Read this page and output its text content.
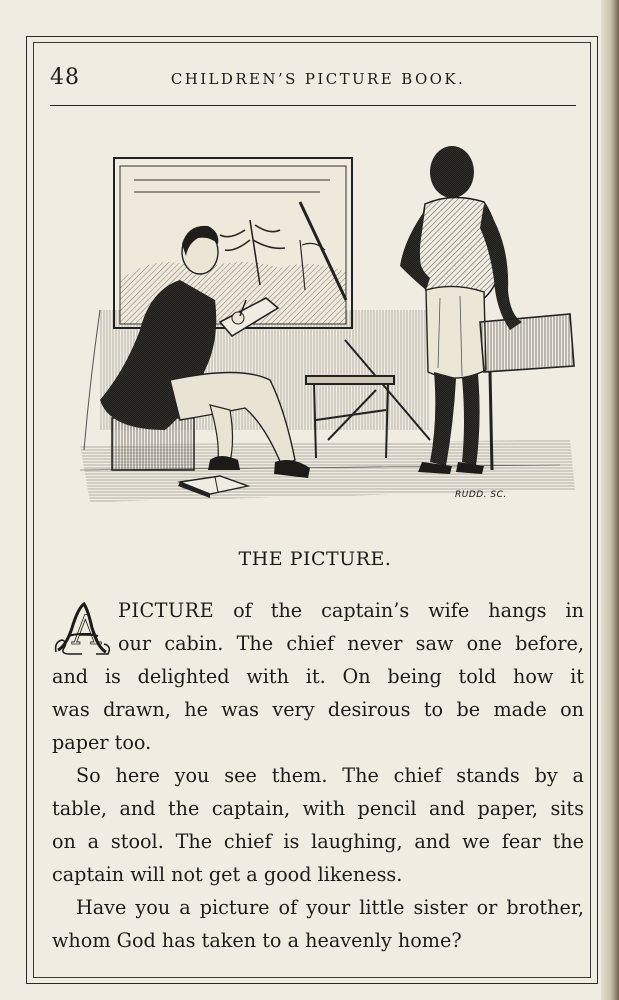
48	CHILDREN’S PICTURE BOOK.
RUDD. SC.
THE PICTURE.
A PICTURE of the captain’s wife hangs in
our cabin. The chief never saw one before,
and is delighted with it. On being told how it
was drawn, he was very desirous to be made on
paper too.
So here you see them. The chief stands by a
table, and the captain, with pencil and paper, sits
on a stool. The chief is laughing, and we fear the
captain will not get a good likeness.
Have you a picture of your little sister or brother,
whom God has taken to a heavenly home?
